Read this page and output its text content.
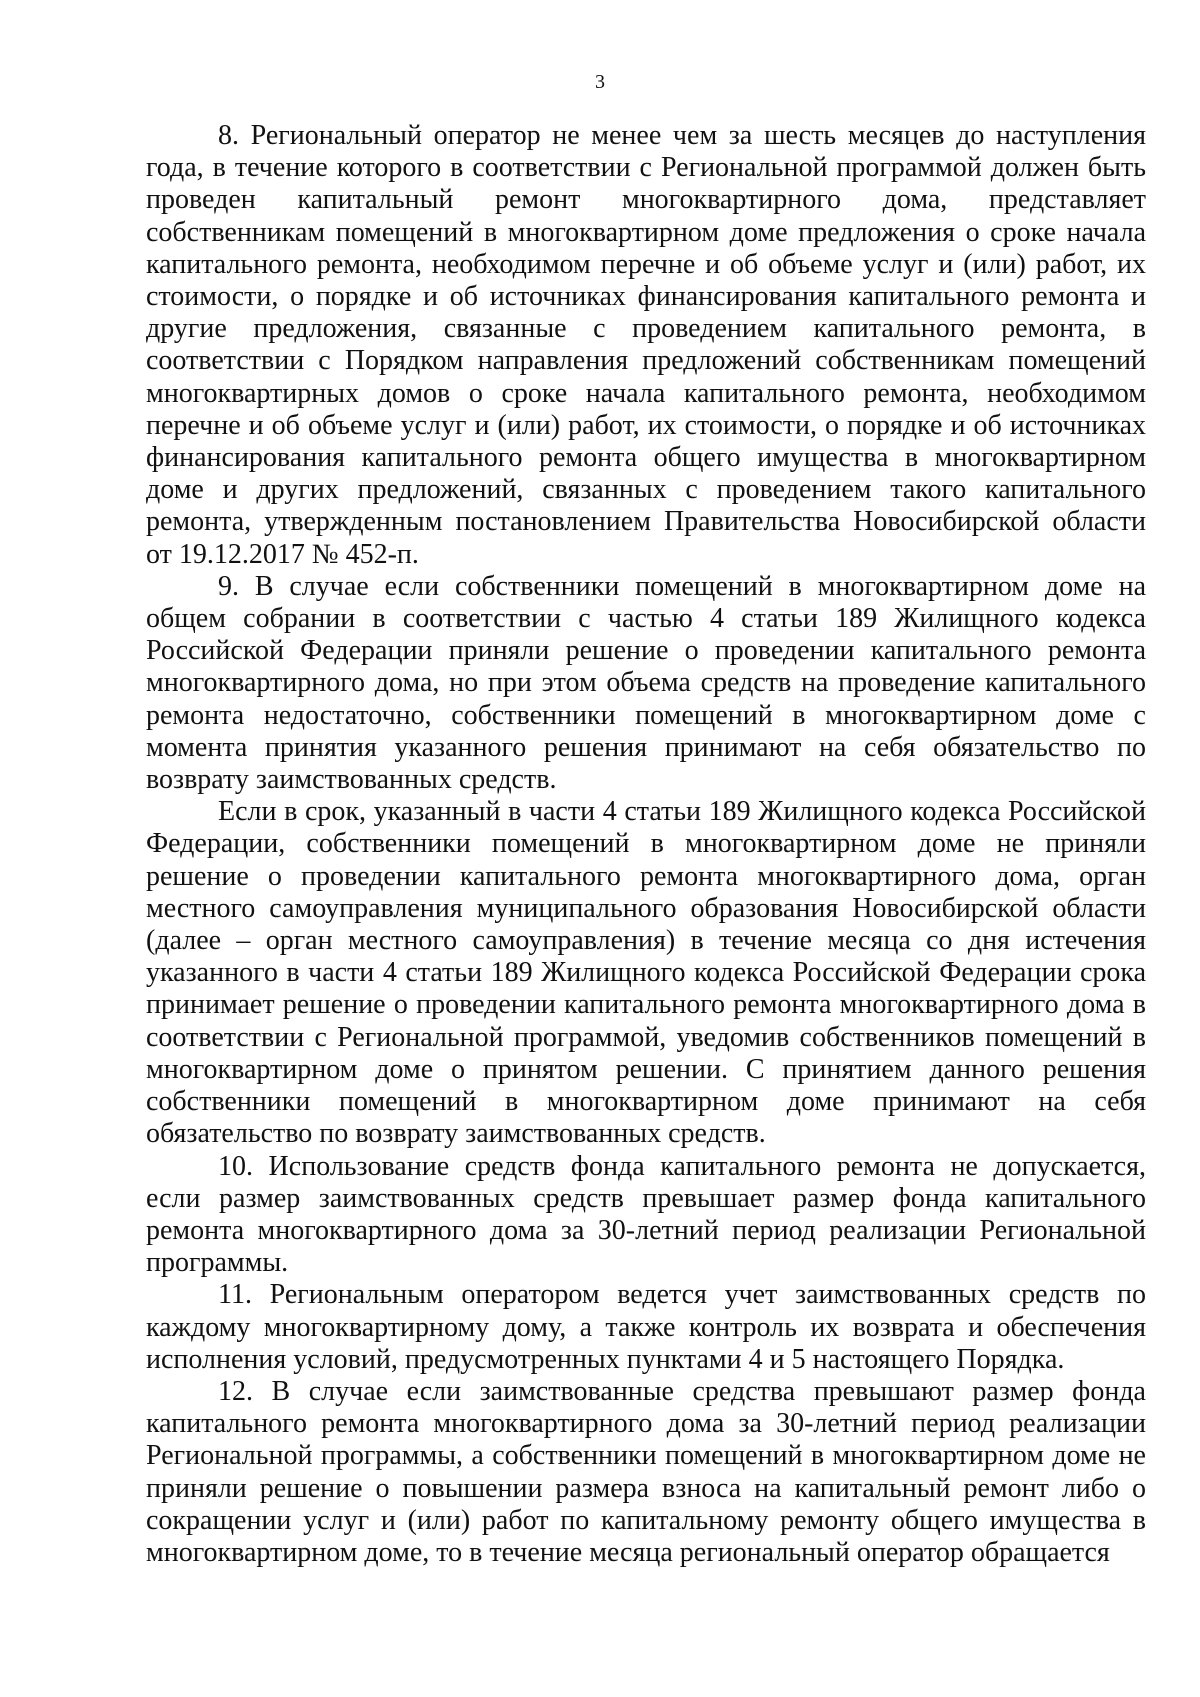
3

8. Региональный оператор не менее чем за шесть месяцев до наступления года, в течение которого в соответствии с Региональной программой должен быть проведен капитальный ремонт многоквартирного дома, представляет собственникам помещений в многоквартирном доме предложения о сроке начала капитального ремонта, необходимом перечне и об объеме услуг и (или) работ, их стоимости, о порядке и об источниках финансирования капитального ремонта и другие предложения, связанные с проведением капитального ремонта, в соответствии с Порядком направления предложений собственникам помещений многоквартирных домов о сроке начала капитального ремонта, необходимом перечне и об объеме услуг и (или) работ, их стоимости, о порядке и об источниках финансирования капитального ремонта общего имущества в многоквартирном доме и других предложений, связанных с проведением такого капитального ремонта, утвержденным постановлением Правительства Новосибирской области от 19.12.2017 № 452-п.

9. В случае если собственники помещений в многоквартирном доме на общем собрании в соответствии с частью 4 статьи 189 Жилищного кодекса Российской Федерации приняли решение о проведении капитального ремонта многоквартирного дома, но при этом объема средств на проведение капитального ремонта недостаточно, собственники помещений в многоквартирном доме с момента принятия указанного решения принимают на себя обязательство по возврату заимствованных средств.

Если в срок, указанный в части 4 статьи 189 Жилищного кодекса Российской Федерации, собственники помещений в многоквартирном доме не приняли решение о проведении капитального ремонта многоквартирного дома, орган местного самоуправления муниципального образования Новосибирской области (далее – орган местного самоуправления) в течение месяца со дня истечения указанного в части 4 статьи 189 Жилищного кодекса Российской Федерации срока принимает решение о проведении капитального ремонта многоквартирного дома в соответствии с Региональной программой, уведомив собственников помещений в многоквартирном доме о принятом решении. С принятием данного решения собственники помещений в многоквартирном доме принимают на себя обязательство по возврату заимствованных средств.

10. Использование средств фонда капитального ремонта не допускается, если размер заимствованных средств превышает размер фонда капитального ремонта многоквартирного дома за 30-летний период реализации Региональной программы.

11. Региональным оператором ведется учет заимствованных средств по каждому многоквартирному дому, а также контроль их возврата и обеспечения исполнения условий, предусмотренных пунктами 4 и 5 настоящего Порядка.

12. В случае если заимствованные средства превышают размер фонда капитального ремонта многоквартирного дома за 30-летний период реализации Региональной программы, а собственники помещений в многоквартирном доме не приняли решение о повышении размера взноса на капитальный ремонт либо о сокращении услуг и (или) работ по капитальному ремонту общего имущества в многоквартирном доме, то в течение месяца региональный оператор обращается
